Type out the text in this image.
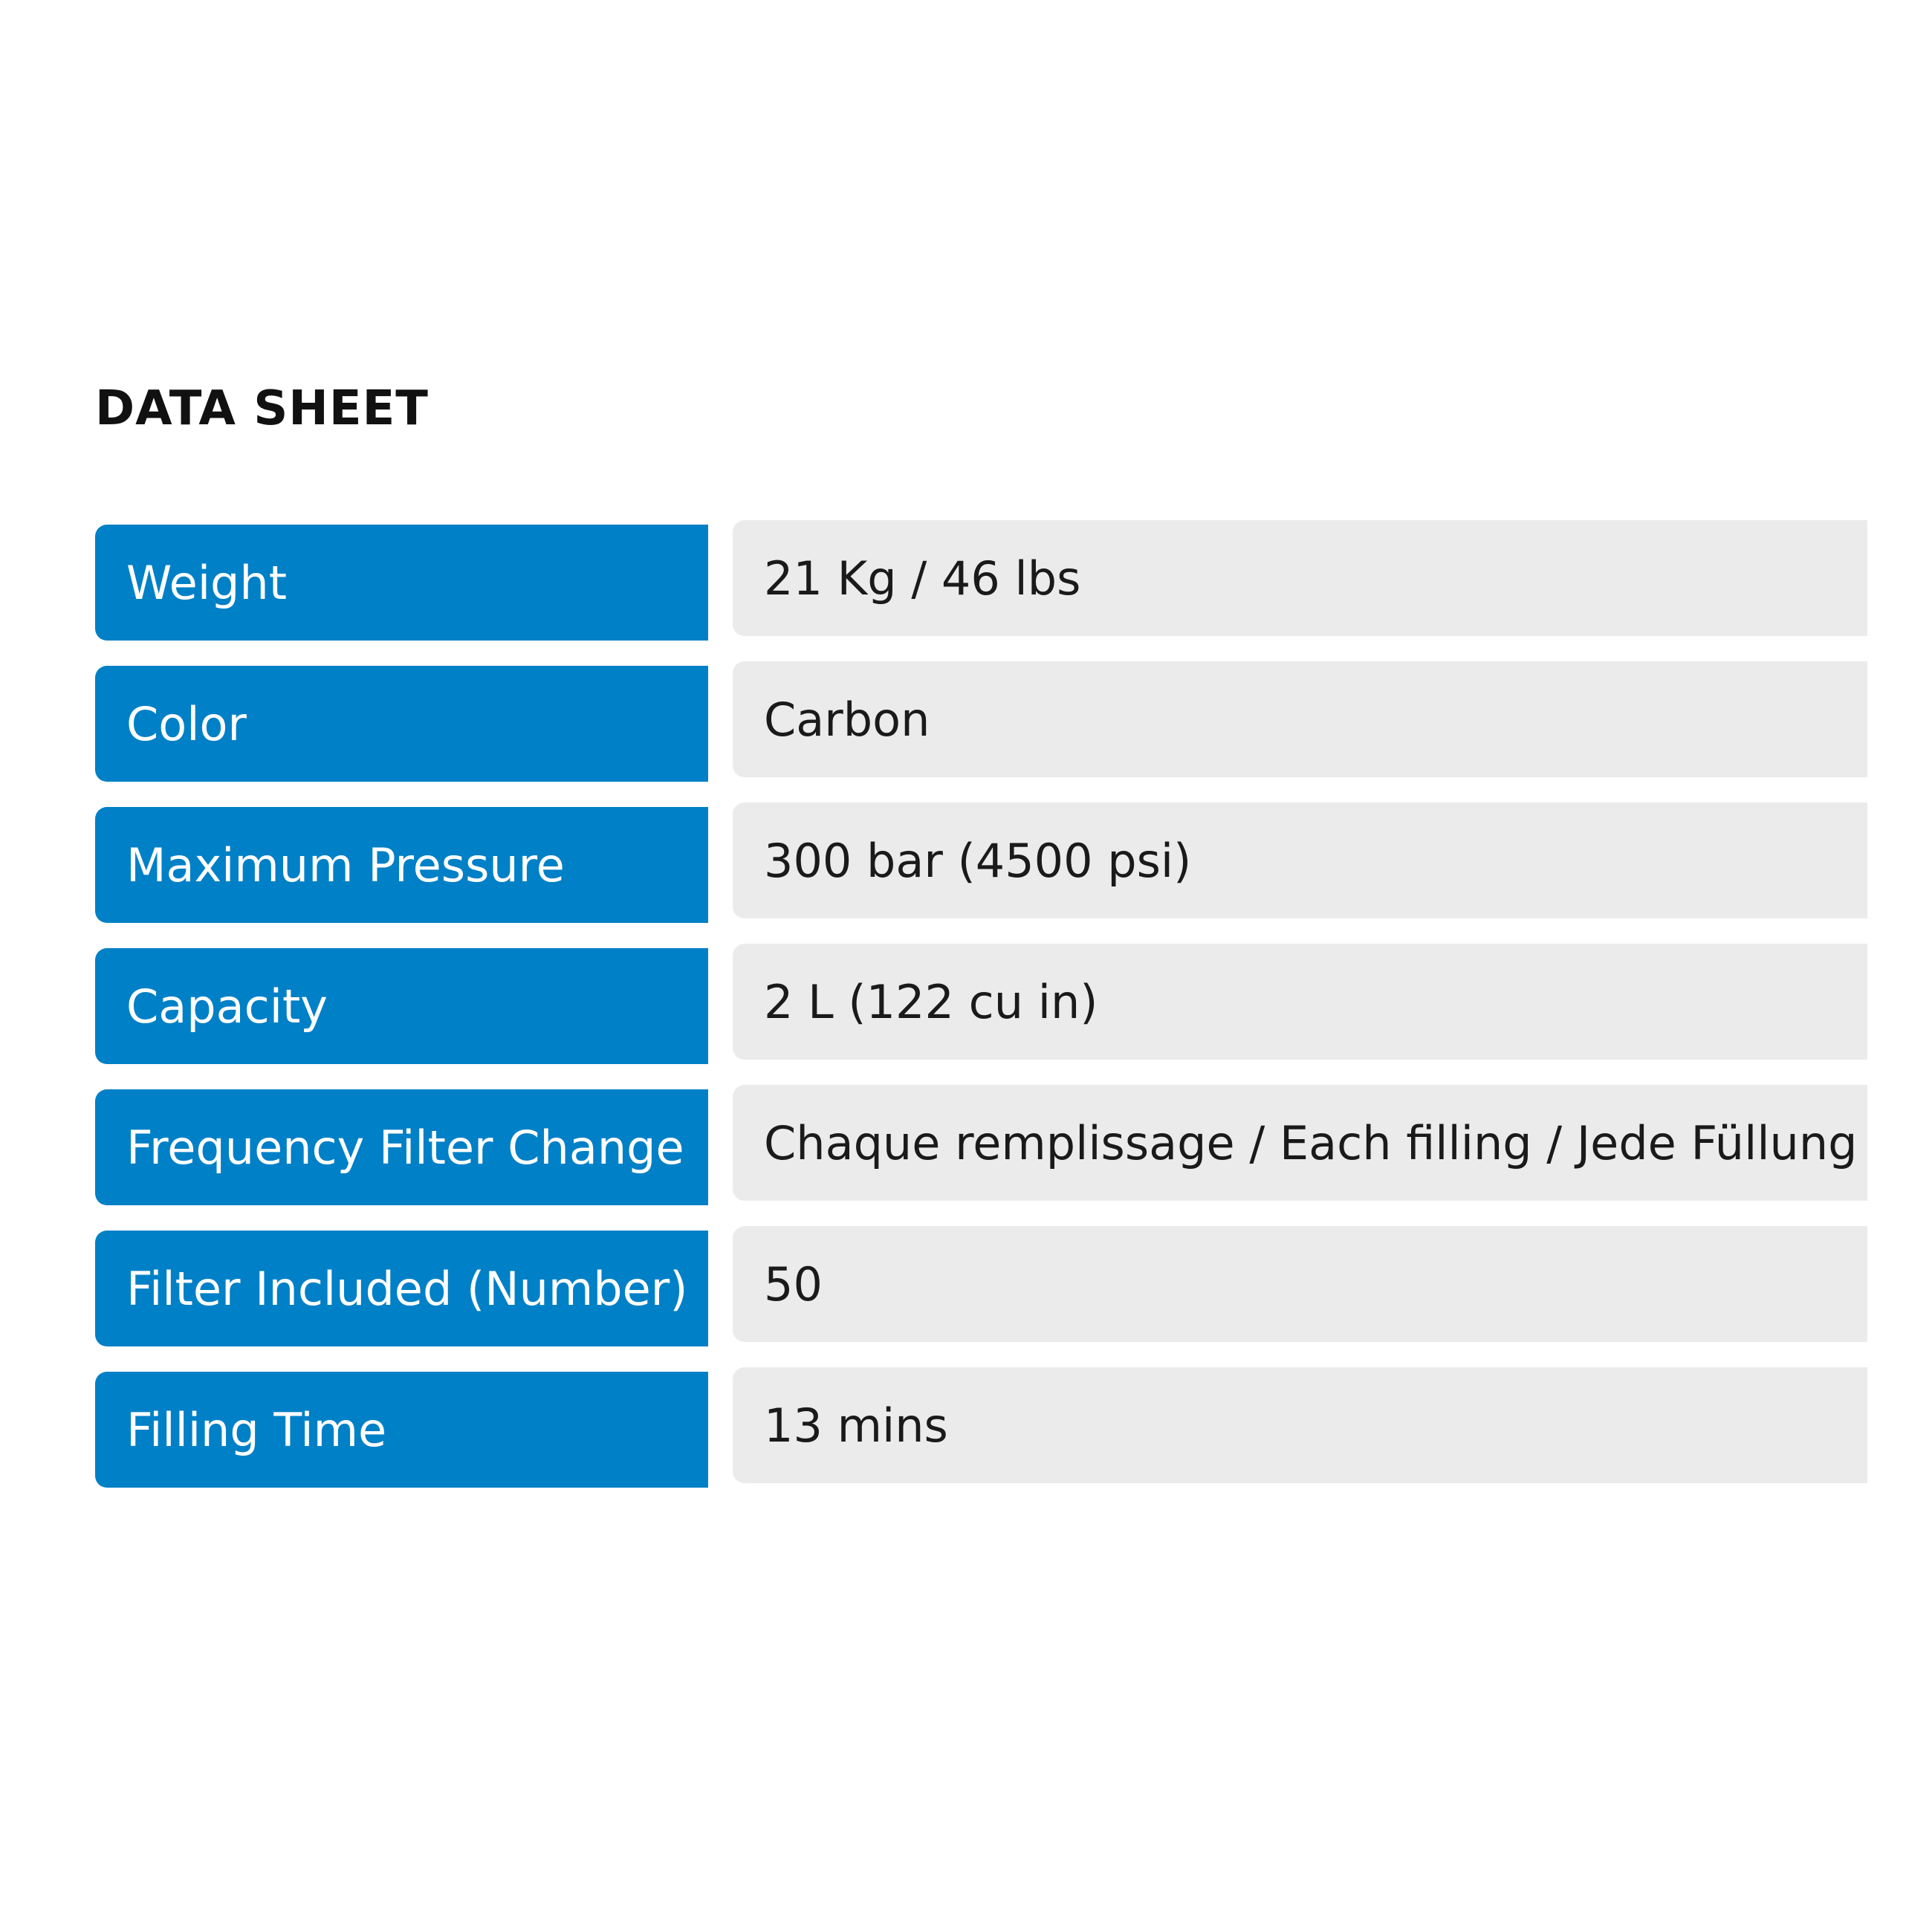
DATA SHEET
Weight	21 Kg / 46 lbs
Color	Carbon
Maximum Pressure	300 bar (4500 psi)
Capacity	2 L (122 cu in)
Frequency Filter Change	Chaque remplissage / Each filling / Jede Füllung
Filter Included (Number)	50
Filling Time	13 mins
